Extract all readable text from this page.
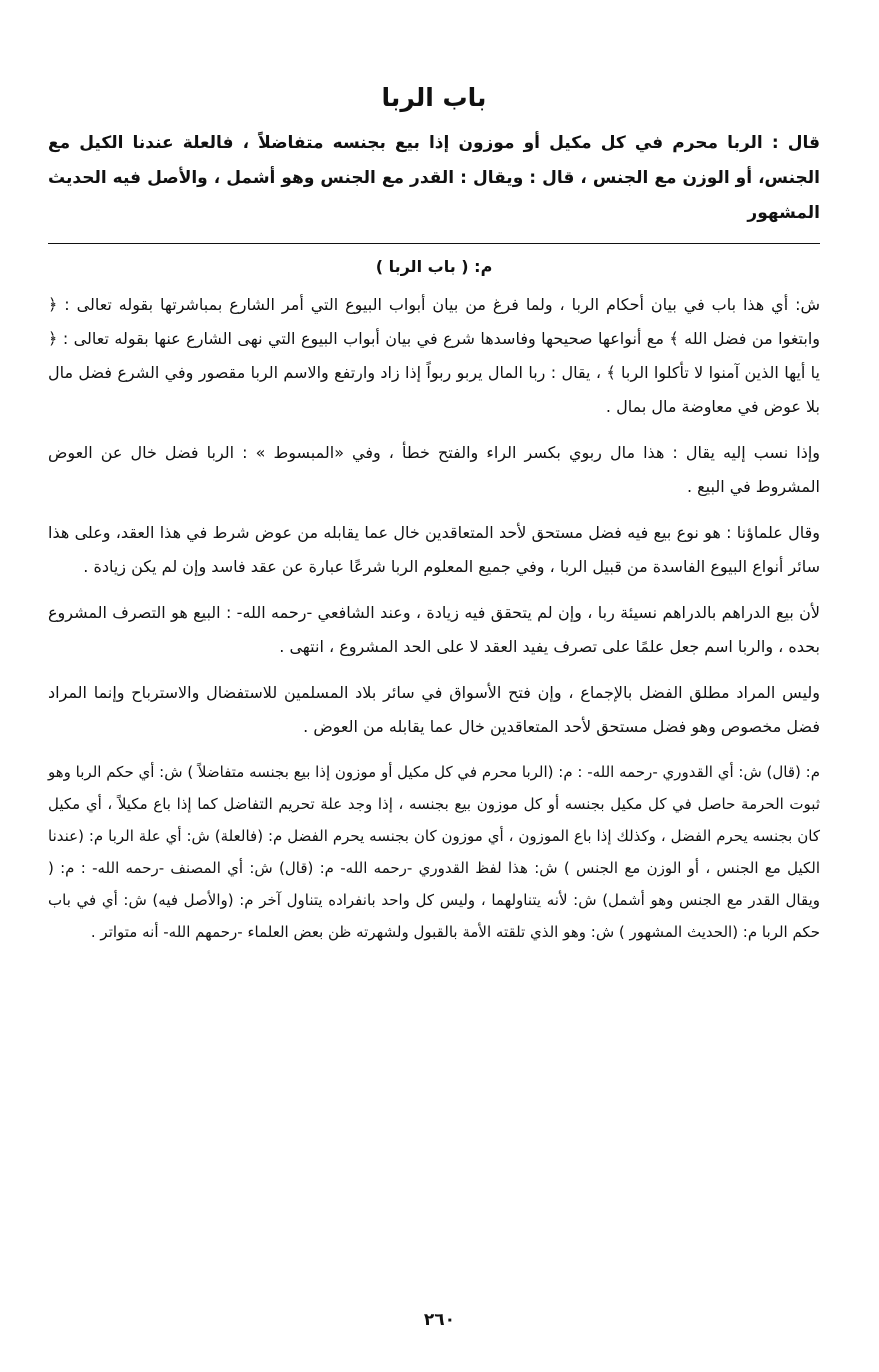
باب الربا

قال : الربا محرم في كل مكيل أو موزون إذا بيع بجنسه متفاضلاً ، فالعلة عندنا الكيل مع الجنس، أو الوزن مع الجنس ، قال : ويقال : القدر مع الجنس وهو أشمل ، والأصل فيه الحديث المشهور

م: ( باب الربا )

ش: أي هذا باب في بيان أحكام الربا ، ولما فرغ من بيان أبواب البيوع التي أمر الشارع بمباشرتها بقوله تعالى : ﴿ وابتغوا من فضل الله ﴾ مع أنواعها صحيحها وفاسدها شرع في بيان أبواب البيوع التي نهى الشارع عنها بقوله تعالى : ﴿ يا أيها الذين آمنوا لا تأكلوا الربا ﴾ ، يقال : ربا المال يربو ربواً إذا زاد وارتفع والاسم الربا مقصور وفي الشرع فضل مال بلا عوض في معاوضة مال بمال .

وإذا نسب إليه يقال : هذا مال ربوي بكسر الراء والفتح خطأ ، وفي «المبسوط » : الربا فضل خال عن العوض المشروط في البيع .

وقال علماؤنا : هو نوع بيع فيه فضل مستحق لأحد المتعاقدين خال عما يقابله من عوض شرط في هذا العقد، وعلى هذا سائر أنواع البيوع الفاسدة من قبيل الربا ، وفي جميع المعلوم الربا شرعًا عبارة عن عقد فاسد وإن لم يكن زيادة .

لأن بيع الدراهم بالدراهم نسيئة ربا ، وإن لم يتحقق فيه زيادة ، وعند الشافعي -رحمه الله- : البيع هو التصرف المشروع بحده ، والربا اسم جعل علمًا على تصرف يفيد العقد لا على الحد المشروع ، انتهى .

وليس المراد مطلق الفضل بالإجماع ، وإن فتح الأسواق في سائر بلاد المسلمين للاستفضال والاسترباح وإنما المراد فضل مخصوص وهو فضل مستحق لأحد المتعاقدين خال عما يقابله من العوض .

م: (قال) ش: أي القدوري -رحمه الله- : م: (الربا محرم في كل مكيل أو موزون إذا بيع بجنسه متفاضلاً ) ش: أي حكم الربا وهو ثبوت الحرمة حاصل في كل مكيل بجنسه أو كل موزون بيع بجنسه ، إذا وجد علة تحريم التفاضل كما إذا باع مكيلاً ، أي مكيل كان بجنسه يحرم الفضل ، وكذلك إذا باع الموزون ، أي موزون كان بجنسه يحرم الفضل م: (فالعلة) ش: أي علة الربا م: (عندنا الكيل مع الجنس ، أو الوزن مع الجنس ) ش: هذا لفظ القدوري -رحمه الله- م: (قال) ش: أي المصنف -رحمه الله- : م: ( ويقال القدر مع الجنس وهو أشمل) ش: لأنه يتناولهما ، وليس كل واحد بانفراده يتناول آخر م: (والأصل فيه) ش: أي في باب حكم الربا م: (الحديث المشهور ) ش: وهو الذي تلقته الأمة بالقبول ولشهرته ظن بعض العلماء -رحمهم الله- أنه متواتر .

٢٦٠
